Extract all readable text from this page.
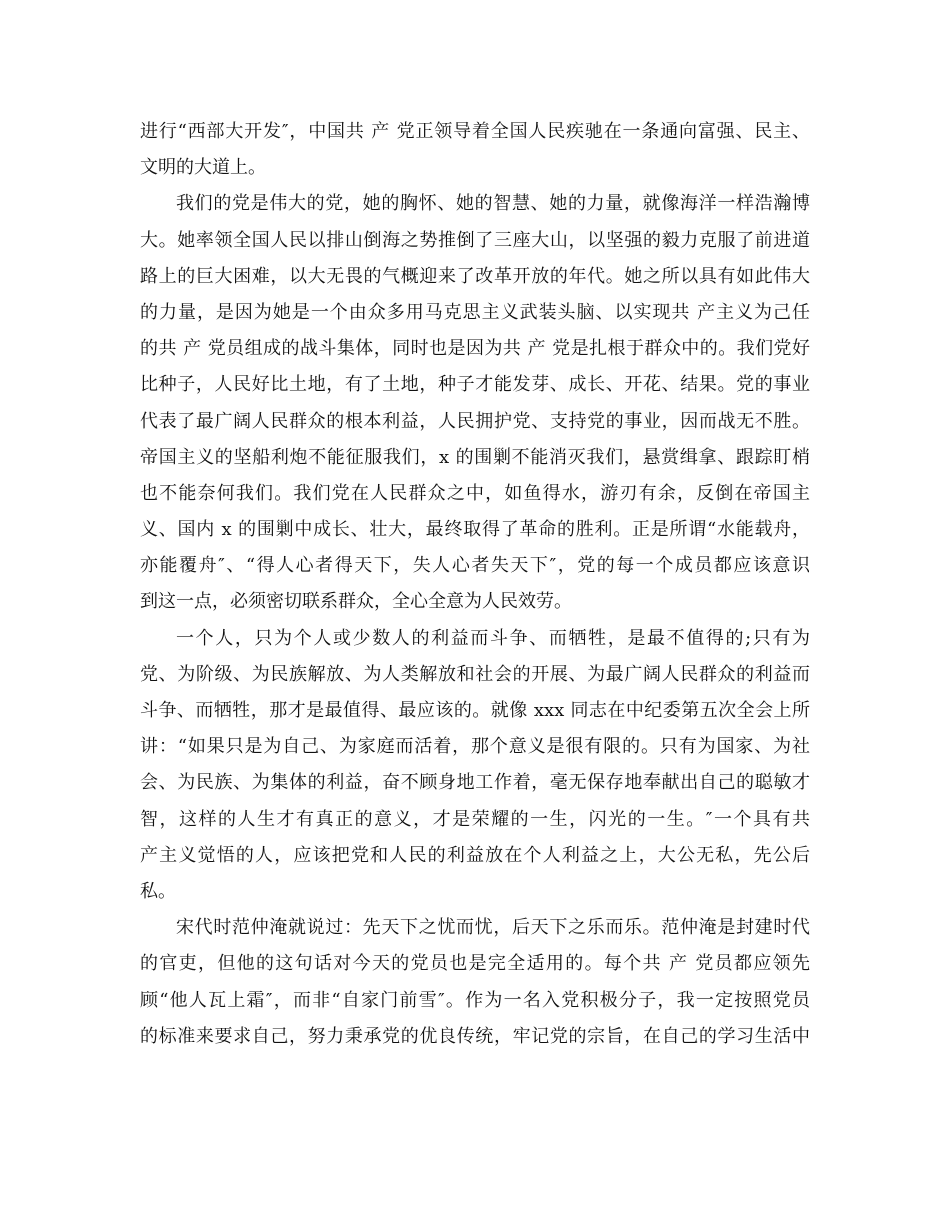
进行“西部大开发″，中国共 产 党正领导着全国人民疾驰在一条通向富强、民主、
文明的大道上。
我们的党是伟大的党，她的胸怀、她的智慧、她的力量，就像海洋一样浩瀚博
大。她率领全国人民以排山倒海之势推倒了三座大山，以坚强的毅力克服了前进道
路上的巨大困难，以大无畏的气概迎来了改革开放的年代。她之所以具有如此伟大
的力量，是因为她是一个由众多用马克思主义武装头脑、以实现共 产主义为己任
的共 产 党员组成的战斗集体，同时也是因为共 产 党是扎根于群众中的。我们党好
比种子，人民好比土地，有了土地，种子才能发芽、成长、开花、结果。党的事业
代表了最广阔人民群众的根本利益，人民拥护党、支持党的事业，因而战无不胜。
帝国主义的坚船利炮不能征服我们，x 的围剿不能消灭我们，悬赏缉拿、跟踪盯梢
也不能奈何我们。我们党在人民群众之中，如鱼得水，游刃有余，反倒在帝国主
义、国内 x 的围剿中成长、壮大，最终取得了革命的胜利。正是所谓“水能载舟，
亦能覆舟″、“得人心者得天下，失人心者失天下″，党的每一个成员都应该意识
到这一点，必须密切联系群众，全心全意为人民效劳。
一个人，只为个人或少数人的利益而斗争、而牺牲，是最不值得的;只有为
党、为阶级、为民族解放、为人类解放和社会的开展、为最广阔人民群众的利益而
斗争、而牺牲，那才是最值得、最应该的。就像 xxx 同志在中纪委第五次全会上所
讲：“如果只是为自己、为家庭而活着，那个意义是很有限的。只有为国家、为社
会、为民族、为集体的利益，奋不顾身地工作着，毫无保存地奉献出自己的聪敏才
智，这样的人生才有真正的意义，才是荣耀的一生，闪光的一生。″一个具有共
产主义觉悟的人，应该把党和人民的利益放在个人利益之上，大公无私，先公后
私。
宋代时范仲淹就说过：先天下之忧而忧，后天下之乐而乐。范仲淹是封建时代
的官吏，但他的这句话对今天的党员也是完全适用的。每个共 产 党员都应领先
顾“他人瓦上霜″，而非“自家门前雪″。作为一名入党积极分子，我一定按照党员
的标准来要求自己，努力秉承党的优良传统，牢记党的宗旨，在自己的学习生活中
